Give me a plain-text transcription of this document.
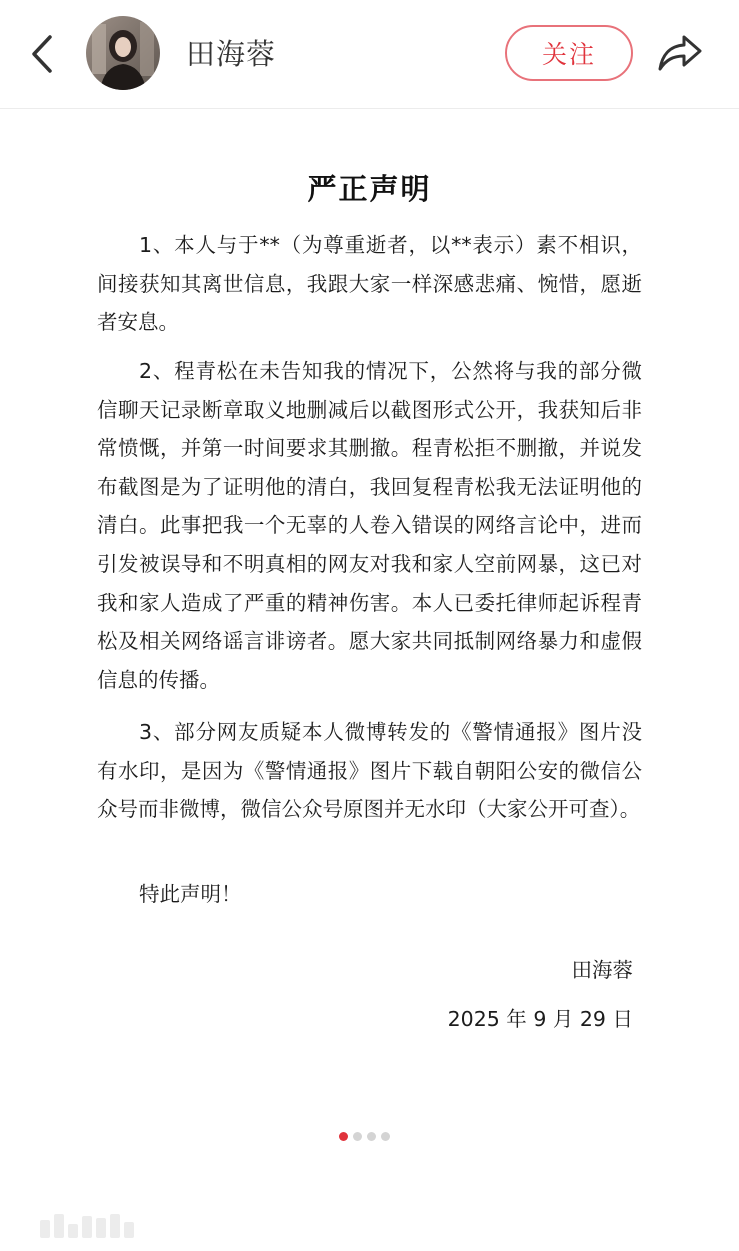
田海蓉	关注
严正声明

1、本人与于**（为尊重逝者，以**表示）素不相识，间接获知其离世信息，我跟大家一样深感悲痛、惋惜，愿逝者安息。

2、程青松在未告知我的情况下，公然将与我的部分微信聊天记录断章取义地删减后以截图形式公开，我获知后非常愤慨，并第一时间要求其删撤。程青松拒不删撤，并说发布截图是为了证明他的清白，我回复程青松我无法证明他的清白。此事把我一个无辜的人卷入错误的网络言论中，进而引发被误导和不明真相的网友对我和家人空前网暴，这已对我和家人造成了严重的精神伤害。本人已委托律师起诉程青松及相关网络谣言诽谤者。愿大家共同抵制网络暴力和虚假信息的传播。

3、部分网友质疑本人微博转发的《警情通报》图片没有水印，是因为《警情通报》图片下载自朝阳公安的微信公众号而非微博，微信公众号原图并无水印（大家公开可查）。

特此声明！

田海蓉
2025 年 9 月 29 日
